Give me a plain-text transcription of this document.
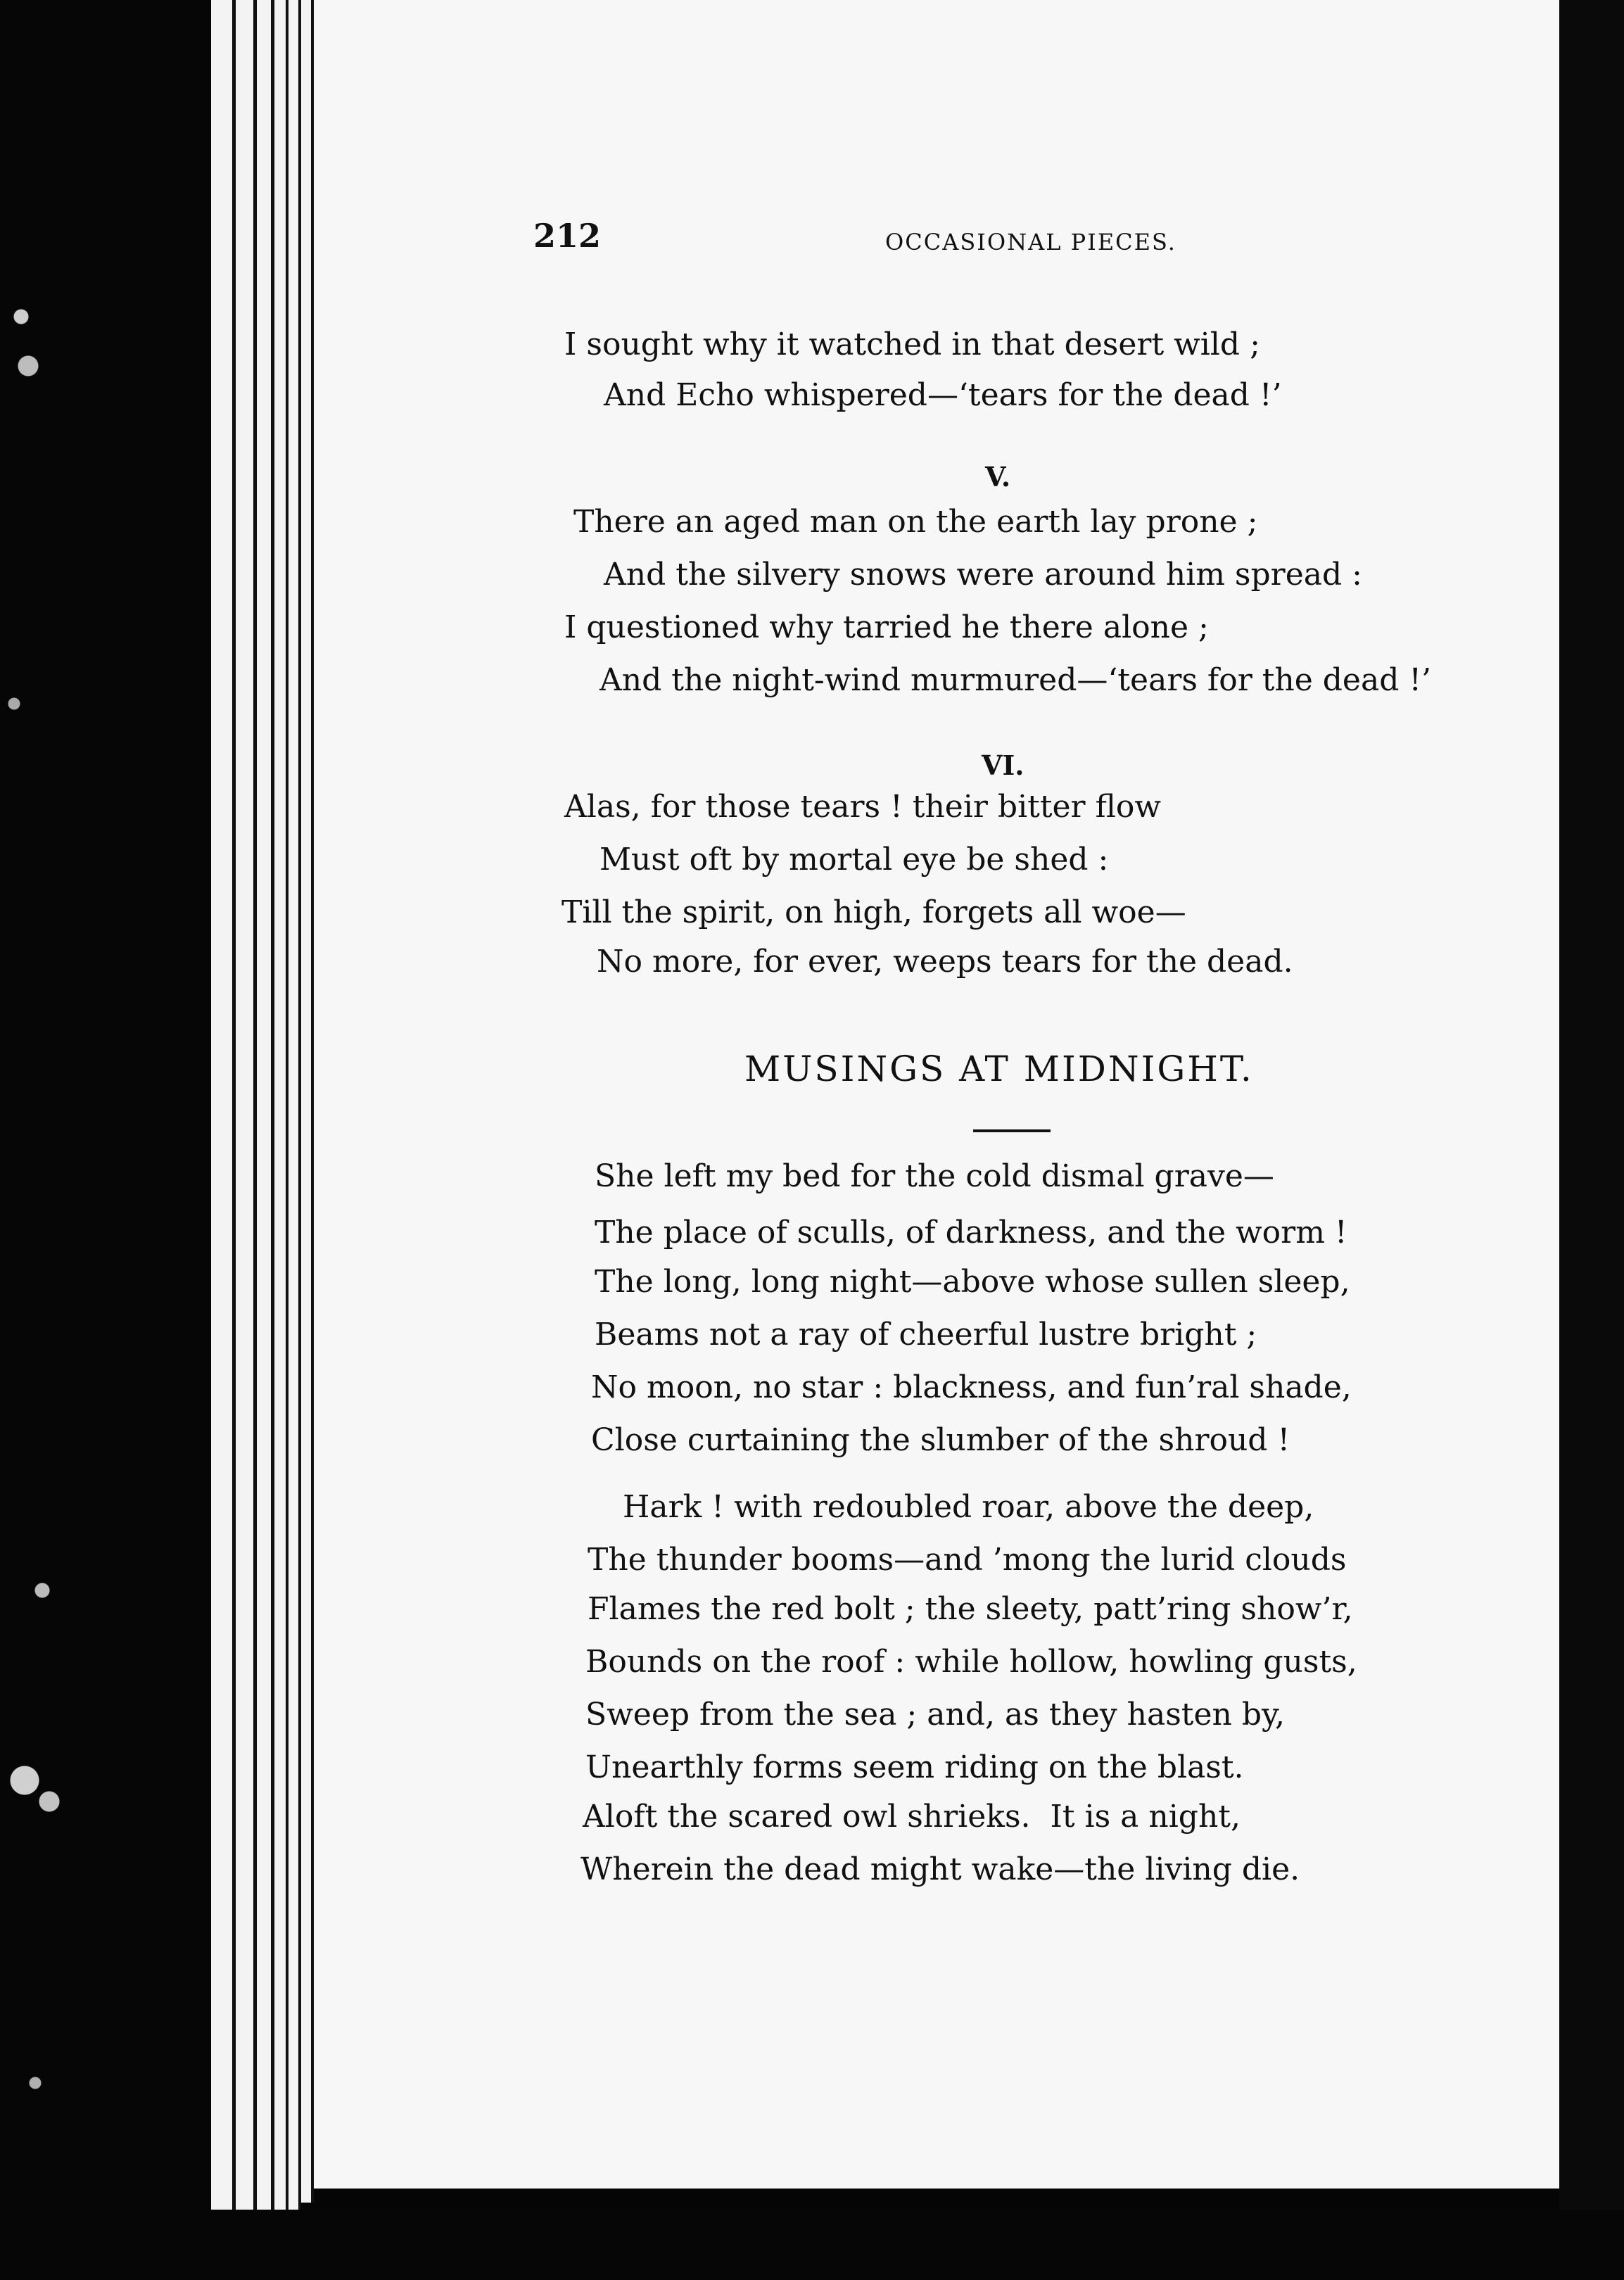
212	OCCASIONAL PIECES.
I sought why it watched in that desert wild ;
And Echo whispered—‘tears for the dead !’
V.
There an aged man on the earth lay prone ;
And the silvery snows were around him spread :
I questioned why tarried he there alone ;
And the night-wind murmured—‘tears for the dead !’
VI.
Alas, for those tears ! their bitter flow
Must oft by mortal eye be shed :
Till the spirit, on high, forgets all woe—
No more, for ever, weeps tears for the dead.
MUSINGS AT MIDNIGHT.
She left my bed for the cold dismal grave—
The place of sculls, of darkness, and the worm !
The long, long night—above whose sullen sleep,
Beams not a ray of cheerful lustre bright ;
No moon, no star : blackness, and fun’ral shade,
Close curtaining the slumber of the shroud !
Hark ! with redoubled roar, above the deep,
The thunder booms—and ’mong the lurid clouds
Flames the red bolt ; the sleety, patt’ring show’r,
Bounds on the roof : while hollow, howling gusts,
Sweep from the sea ; and, as they hasten by,
Unearthly forms seem riding on the blast.
Aloft the scared owl shrieks.  It is a night,
Wherein the dead might wake—the living die.
